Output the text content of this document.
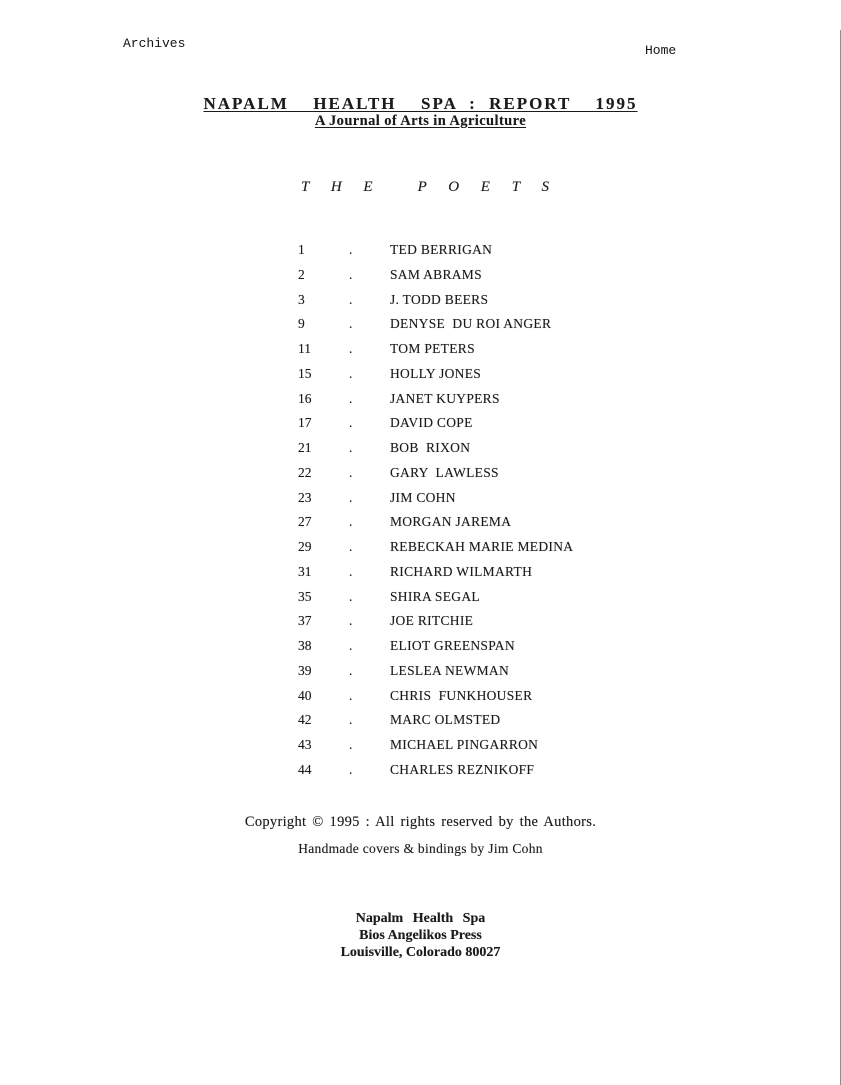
Archives	Home
NAPALM  HEALTH  SPA : REPORT  1995
A Journal of Arts in Agriculture
T H E P O E T S
1	.	TED BERRIGAN
2	.	SAM ABRAMS
3	.	J. TODD BEERS
9	.	DENYSE  DU ROI ANGER
11	.	TOM PETERS
15	.	HOLLY JONES
16	.	JANET KUYPERS
17	.	DAVID COPE
21	.	BOB  RIXON
22	.	GARY  LAWLESS
23	.	JIM COHN
27	.	MORGAN JAREMA
29	.	REBECKAH MARIE MEDINA
31	.	RICHARD WILMARTH
35	.	SHIRA SEGAL
37	.	JOE RITCHIE
38	.	ELIOT GREENSPAN
39	.	LESLEA NEWMAN
40	.	CHRIS  FUNKHOUSER
42	.	MARC OLMSTED
43	.	MICHAEL PINGARRON
44	.	CHARLES REZNIKOFF
Copyright © 1995 : All rights reserved by the Authors.
Handmade covers & bindings by Jim Cohn
Napalm Health Spa
Bios Angelikos Press
Louisville, Colorado 80027
